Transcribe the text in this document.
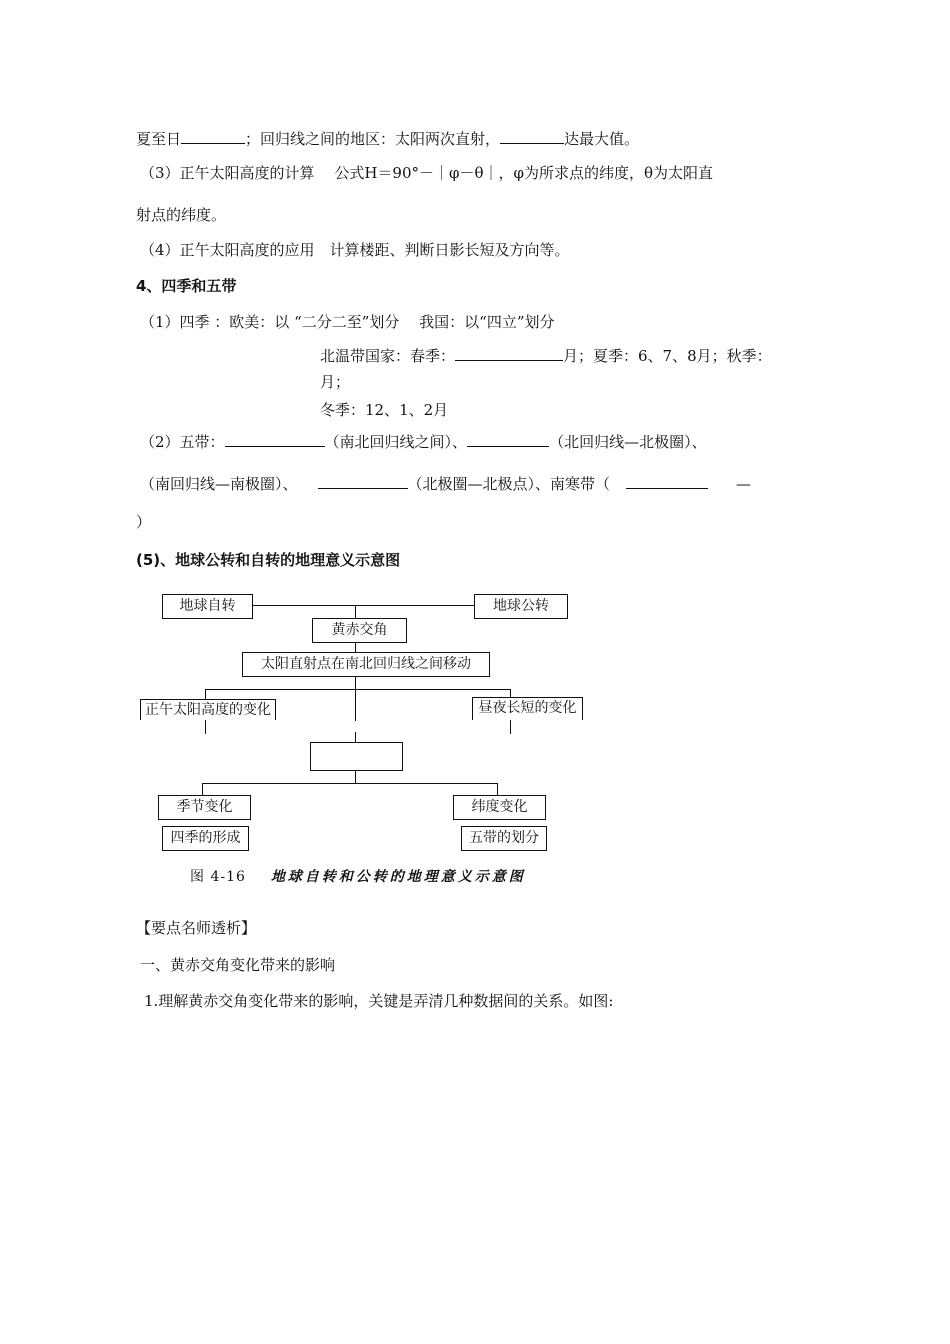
夏至日	；回归线之间的地区：太阳两次直射，	达最大值。
（3）正午太阳高度的计算　 公式H＝90°－｜φ－θ｜，φ为所求点的纬度，θ为太阳直
射点的纬度。
（4）正午太阳高度的应用　计算楼距、判断日影长短及方向等。
4、四季和五带
（1）四季 ：欧美：以 “二分二至”划分　 我国：以“四立”划分
北温带国家：春季：	月；夏季：6、7、8月；秋季：
月；
冬季：12、1、2月
（2）五带：	（南北回归线之间）、	（北回归线—北极圈）、
（南回归线—南极圈）、	（北极圈—北极点）、南寒带（	—
）
(5)、地球公转和自转的地理意义示意图
地球自转	地球公转
黄赤交角
太阳直射点在南北回归线之间移动
正午太阳高度的变化	昼夜长短的变化
季节变化	纬度变化
四季的形成	五带的划分
图 4-16 地球自转和公转的地理意义示意图
【要点名师透析】
一、黄赤交角变化带来的影响
1.理解黄赤交角变化带来的影响，关键是弄清几种数据间的关系。如图:
